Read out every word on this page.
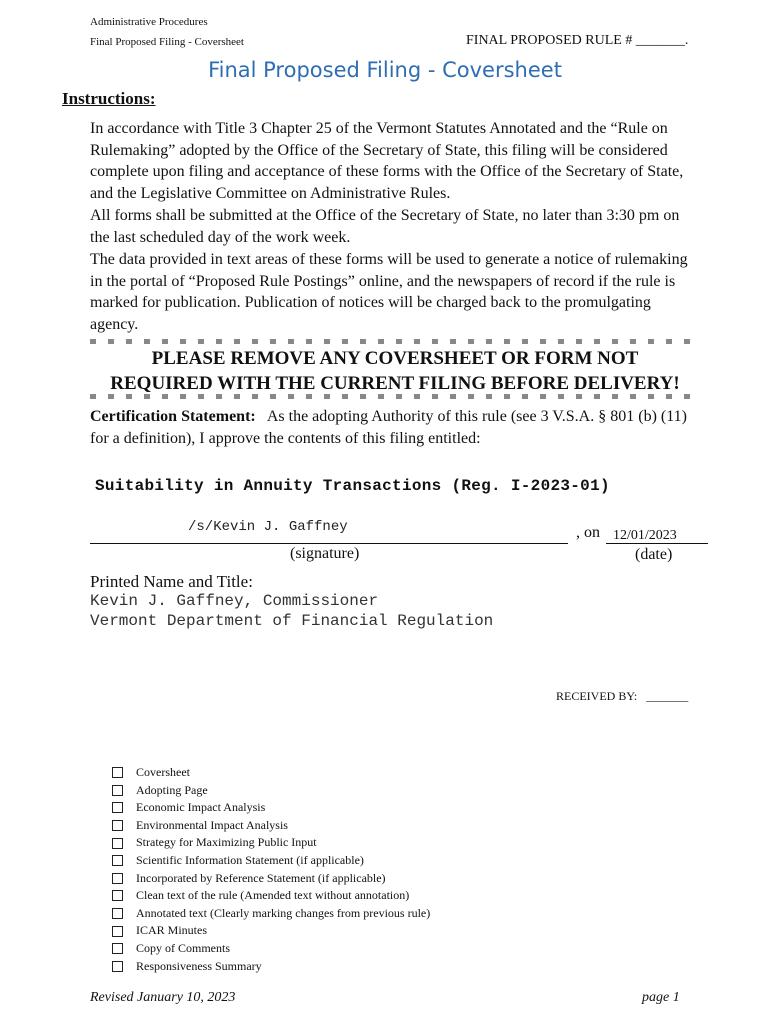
Administrative Procedures
Final Proposed Filing - Coversheet	FINAL PROPOSED RULE # _______.
Final Proposed Filing - Coversheet
Instructions:
In accordance with Title 3 Chapter 25 of the Vermont Statutes Annotated and the “Rule on Rulemaking” adopted by the Office of the Secretary of State, this filing will be considered complete upon filing and acceptance of these forms with the Office of the Secretary of State, and the Legislative Committee on Administrative Rules.
All forms shall be submitted at the Office of the Secretary of State, no later than 3:30 pm on the last scheduled day of the work week.
The data provided in text areas of these forms will be used to generate a notice of rulemaking in the portal of “Proposed Rule Postings” online, and the newspapers of record if the rule is marked for publication. Publication of notices will be charged back to the promulgating agency.
PLEASE REMOVE ANY COVERSHEET OR FORM NOT
REQUIRED WITH THE CURRENT FILING BEFORE DELIVERY!
Certification Statement: As the adopting Authority of this rule (see 3 V.S.A. § 801 (b) (11) for a definition), I approve the contents of this filing entitled:
Suitability in Annuity Transactions (Reg. I-2023-01)
/s/Kevin J. Gaffney	, on 12/01/2023
(signature)	(date)
Printed Name and Title:
Kevin J. Gaffney, Commissioner
Vermont Department of Financial Regulation
RECEIVED BY:   _______
Coversheet
Adopting Page
Economic Impact Analysis
Environmental Impact Analysis
Strategy for Maximizing Public Input
Scientific Information Statement (if applicable)
Incorporated by Reference Statement (if applicable)
Clean text of the rule (Amended text without annotation)
Annotated text (Clearly marking changes from previous rule)
ICAR Minutes
Copy of Comments
Responsiveness Summary
Revised January 10, 2023	page 1
